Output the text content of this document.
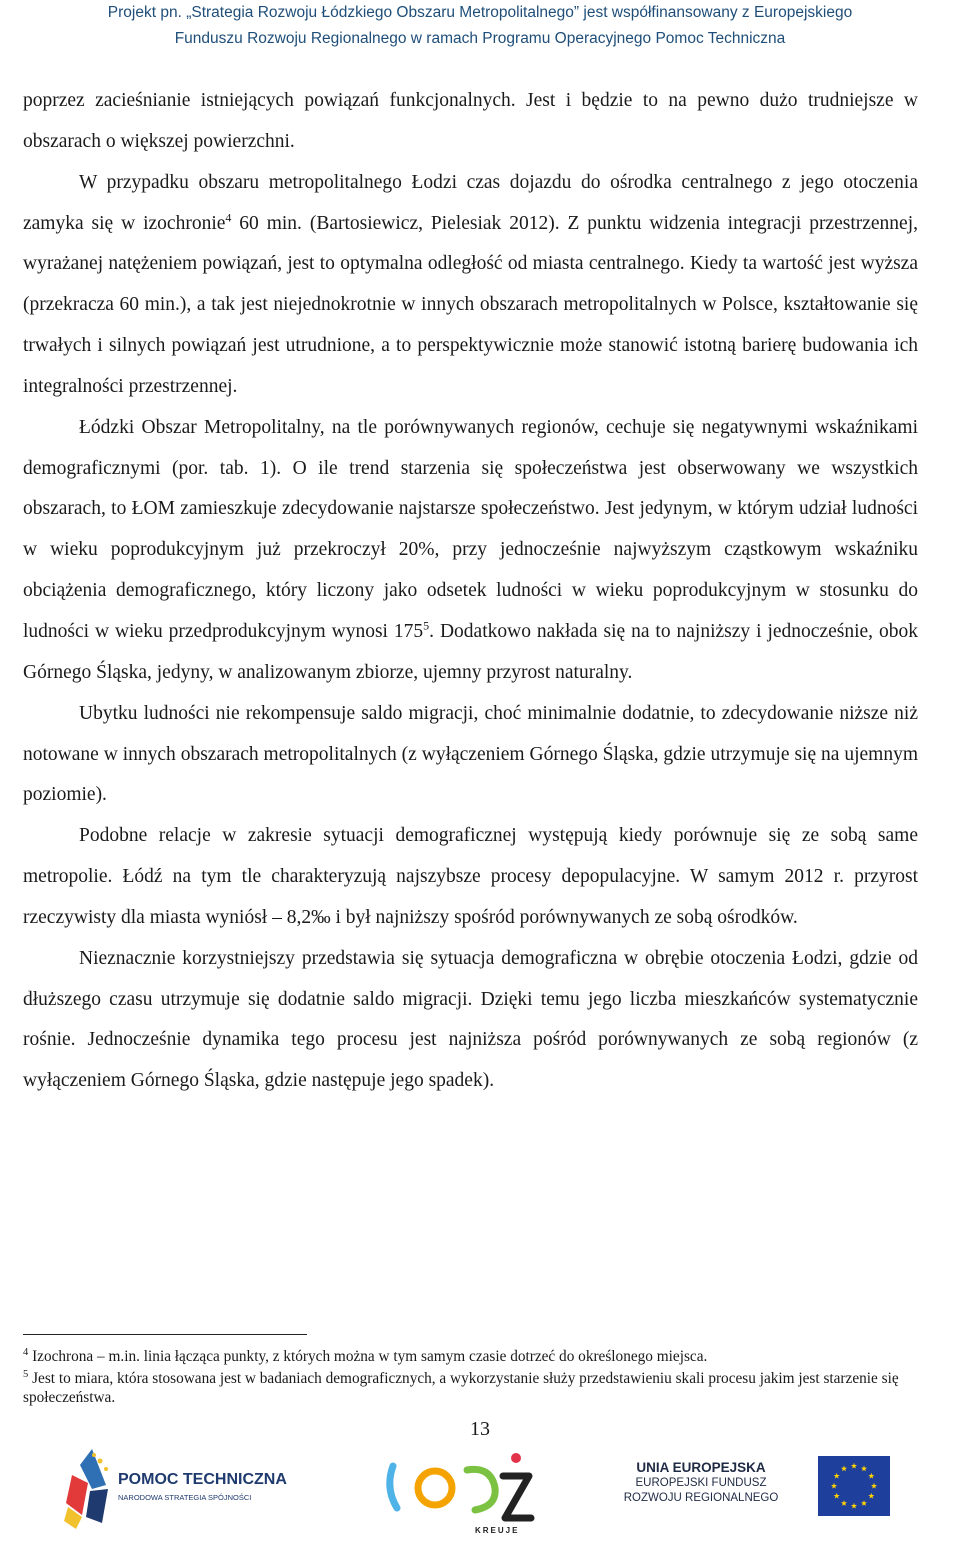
Projekt pn. „Strategia Rozwoju Łódzkiego Obszaru Metropolitalnego” jest współfinansowany z Europejskiego
Funduszu Rozwoju Regionalnego w ramach Programu Operacyjnego Pomoc Techniczna

poprzez zacieśnianie istniejących powiązań funkcjonalnych. Jest i będzie to na pewno dużo trudniejsze w obszarach o większej powierzchni.

W przypadku obszaru metropolitalnego Łodzi czas dojazdu do ośrodka centralnego z jego otoczenia zamyka się w izochronie$^4$ 60 min. (Bartosiewicz, Pielesiak 2012). Z punktu widzenia integracji przestrzennej, wyrażanej natężeniem powiązań, jest to optymalna odległość od miasta centralnego. Kiedy ta wartość jest wyższa (przekracza 60 min.), a tak jest niejednokrotnie w innych obszarach metropolitalnych w Polsce, kształtowanie się trwałych i silnych powiązań jest utrudnione, a to perspektywicznie może stanowić istotną barierę budowania ich integralności przestrzennej.

Łódzki Obszar Metropolitalny, na tle porównywanych regionów, cechuje się negatywnymi wskaźnikami demograficznymi (por. tab. 1). O ile trend starzenia się społeczeństwa jest obserwowany we wszystkich obszarach, to ŁOM zamieszkuje zdecydowanie najstarsze społeczeństwo. Jest jedynym, w którym udział ludności w wieku poprodukcyjnym już przekroczył 20%, przy jednocześnie najwyższym cząstkowym wskaźniku obciążenia demograficznego, który liczony jako odsetek ludności w wieku poprodukcyjnym w stosunku do ludności w wieku przedprodukcyjnym wynosi $175^5$. Dodatkowo nakłada się na to najniższy i jednocześnie, obok Górnego Śląska, jedyny, w analizowanym zbiorze, ujemny przyrost naturalny.

Ubytku ludności nie rekompensuje saldo migracji, choć minimalnie dodatnie, to zdecydowanie niższe niż notowane w innych obszarach metropolitalnych (z wyłączeniem Górnego Śląska, gdzie utrzymuje się na ujemnym poziomie).

Podobne relacje w zakresie sytuacji demograficznej występują kiedy porównuje się ze sobą same metropolie. Łódź na tym tle charakteryzują najszybsze procesy depopulacyjne. W samym 2012 r. przyrost rzeczywisty dla miasta wyniósł – 8,2‰ i był najniższy spośród porównywanych ze sobą ośrodków.

Nieznacznie korzystniejszy przedstawia się sytuacja demograficzna w obrębie otoczenia Łodzi, gdzie od dłuższego czasu utrzymuje się dodatnie saldo migracji. Dzięki temu jego liczba mieszkańców systematycznie rośnie. Jednocześnie dynamika tego procesu jest najniższa pośród porównywanych ze sobą regionów (z wyłączeniem Górnego Śląska, gdzie następuje jego spadek).

$^4$ Izochrona – m.in. linia łącząca punkty, z których można w tym samym czasie dotrzeć do określonego miejsca.

$^5$ Jest to miara, która stosowana jest w badaniach demograficznych, a wykorzystanie służy przedstawieniu skali procesu jakim jest starzenie się społeczeństwa.

13
POMOC TECHNICZNA
NARODOWA STRATEGIA SPÓJNOŚCI
KREUJE
UNIA EUROPEJSKA
EUROPEJSKI FUNDUSZ
ROZWOJU REGIONALNEGO
